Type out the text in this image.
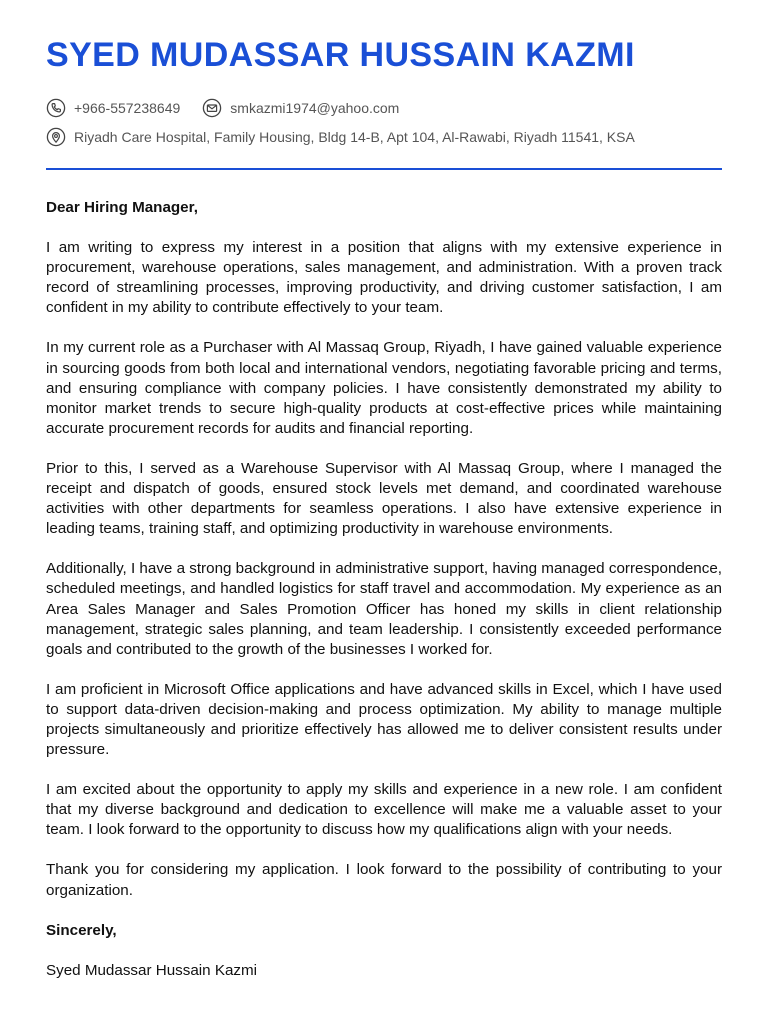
SYED MUDASSAR HUSSAIN KAZMI
+966-557238649	smkazmi1974@yahoo.com
Riyadh Care Hospital, Family Housing, Bldg 14-B, Apt 104, Al-Rawabi, Riyadh 11541, KSA

Dear Hiring Manager,

I am writing to express my interest in a position that aligns with my extensive experience in procurement, warehouse operations, sales management, and administration. With a proven track record of streamlining processes, improving productivity, and driving customer satisfaction, I am confident in my ability to contribute effectively to your team.

In my current role as a Purchaser with Al Massaq Group, Riyadh, I have gained valuable experience in sourcing goods from both local and international vendors, negotiating favorable pricing and terms, and ensuring compliance with company policies. I have consistently demonstrated my ability to monitor market trends to secure high-quality products at cost-effective prices while maintaining accurate procurement records for audits and financial reporting.

Prior to this, I served as a Warehouse Supervisor with Al Massaq Group, where I managed the receipt and dispatch of goods, ensured stock levels met demand, and coordinated warehouse activities with other departments for seamless operations. I also have extensive experience in leading teams, training staff, and optimizing productivity in warehouse environments.

Additionally, I have a strong background in administrative support, having managed correspondence, scheduled meetings, and handled logistics for staff travel and accommodation. My experience as an Area Sales Manager and Sales Promotion Officer has honed my skills in client relationship management, strategic sales planning, and team leadership. I consistently exceeded performance goals and contributed to the growth of the businesses I worked for.

I am proficient in Microsoft Office applications and have advanced skills in Excel, which I have used to support data-driven decision-making and process optimization. My ability to manage multiple projects simultaneously and prioritize effectively has allowed me to deliver consistent results under pressure.

I am excited about the opportunity to apply my skills and experience in a new role. I am confident that my diverse background and dedication to excellence will make me a valuable asset to your team. I look forward to the opportunity to discuss how my qualifications align with your needs.

Thank you for considering my application. I look forward to the possibility of contributing to your organization.

Sincerely,

Syed Mudassar Hussain Kazmi
